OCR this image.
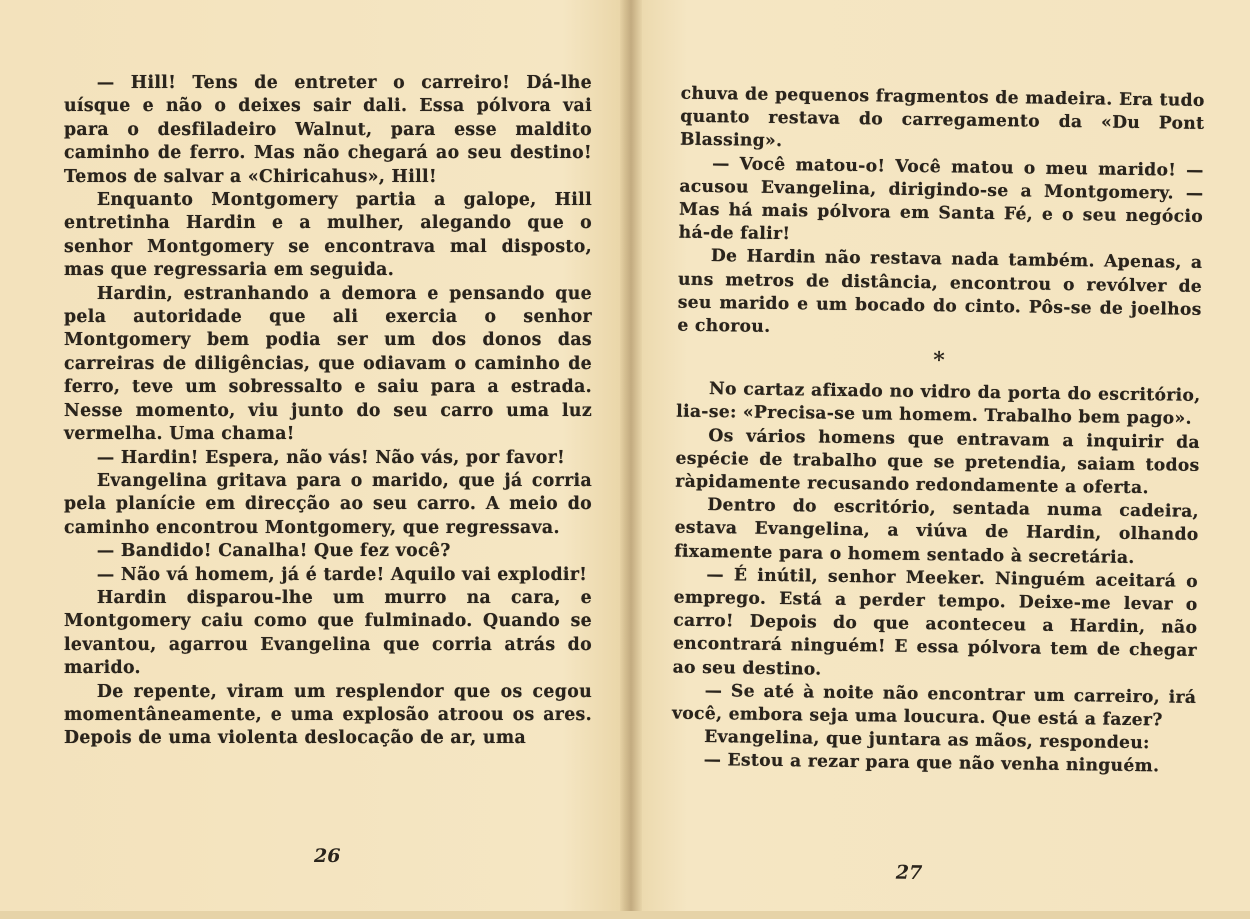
— Hill! Tens de entreter o carreiro! Dá-lhe uísque e não o deixes sair dali. Essa pólvora vai para o desfiladeiro Walnut, para esse maldito caminho de ferro. Mas não chegará ao seu destino! Temos de salvar a «Chiricahus», Hill!

Enquanto Montgomery partia a galope, Hill entretinha Hardin e a mulher, alegando que o senhor Montgomery se encontrava mal disposto, mas que regressaria em seguida.

Hardin, estranhando a demora e pensando que pela autoridade que ali exercia o senhor Montgomery bem podia ser um dos donos das carreiras de diligências, que odiavam o caminho de ferro, teve um sobressalto e saiu para a estrada. Nesse momento, viu junto do seu carro uma luz vermelha. Uma chama!

— Hardin! Espera, não vás! Não vás, por favor!

Evangelina gritava para o marido, que já corria pela planície em direcção ao seu carro. A meio do caminho encontrou Montgomery, que regressava.

— Bandido! Canalha! Que fez você?

— Não vá homem, já é tarde! Aquilo vai explodir!

Hardin disparou-lhe um murro na cara, e Montgomery caiu como que fulminado. Quando se levantou, agarrou Evangelina que corria atrás do marido.

De repente, viram um resplendor que os cegou momentâneamente, e uma explosão atroou os ares. Depois de uma violenta deslocação de ar, uma

26

chuva de pequenos fragmentos de madeira. Era tudo quanto restava do carregamento da «Du Pont Blassing».

— Você matou-o! Você matou o meu marido! — acusou Evangelina, dirigindo-se a Montgomery. — Mas há mais pólvora em Santa Fé, e o seu negócio há-de falir!

De Hardin não restava nada também. Apenas, a uns metros de distância, encontrou o revólver de seu marido e um bocado do cinto. Pôs-se de joelhos e chorou.

*

No cartaz afixado no vidro da porta do escritório, lia-se: «Precisa-se um homem. Trabalho bem pago».

Os vários homens que entravam a inquirir da espécie de trabalho que se pretendia, saiam todos ràpidamente recusando redondamente a oferta.

Dentro do escritório, sentada numa cadeira, estava Evangelina, a viúva de Hardin, olhando fixamente para o homem sentado à secretária.

— É inútil, senhor Meeker. Ninguém aceitará o emprego. Está a perder tempo. Deixe-me levar o carro! Depois do que aconteceu a Hardin, não encontrará ninguém! E essa pólvora tem de chegar ao seu destino.

— Se até à noite não encontrar um carreiro, irá você, embora seja uma loucura. Que está a fazer?

Evangelina, que juntara as mãos, respondeu:

— Estou a rezar para que não venha ninguém.

27
